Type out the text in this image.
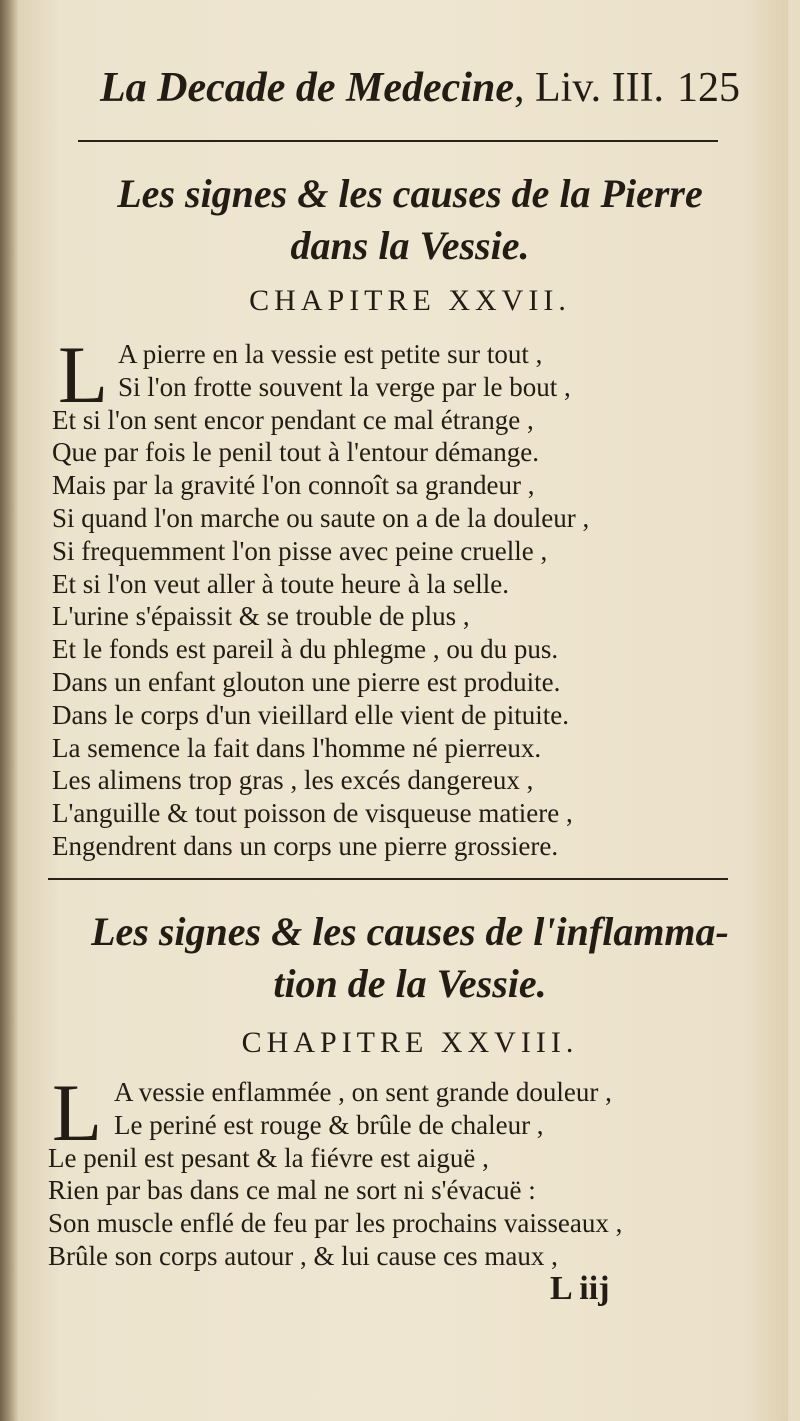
La Decade de Medecine, Liv. III. 125
Les signes & les causes de la Pierre
dans la Vessie.
CHAPITRE XXVII.
L A pierre en la vessie est petite sur tout ,
Si l'on frotte souvent la verge par le bout ,
Et si l'on sent encor pendant ce mal étrange ,
Que par fois le penil tout à l'entour démange.
Mais par la gravité l'on connoît sa grandeur ,
Si quand l'on marche ou saute on a de la douleur ,
Si frequemment l'on pisse avec peine cruelle ,
Et si l'on veut aller à toute heure à la selle.
L'urine s'épaissit & se trouble de plus ,
Et le fonds est pareil à du phlegme , ou du pus.
Dans un enfant glouton une pierre est produite.
Dans le corps d'un vieillard elle vient de pituite.
La semence la fait dans l'homme né pierreux.
Les alimens trop gras , les excés dangereux ,
L'anguille & tout poisson de visqueuse matiere ,
Engendrent dans un corps une pierre grossiere.
Les signes & les causes de l'inflamma-
tion de la Vessie.
CHAPITRE XXVIII.
L A vessie enflammée , on sent grande douleur ,
Le periné est rouge & brûle de chaleur ,
Le penil est pesant & la fiévre est aiguë ,
Rien par bas dans ce mal ne sort ni s'évacuë :
Son muscle enflé de feu par les prochains vaisseaux ,
Brûle son corps autour , & lui cause ces maux ,
L iij
